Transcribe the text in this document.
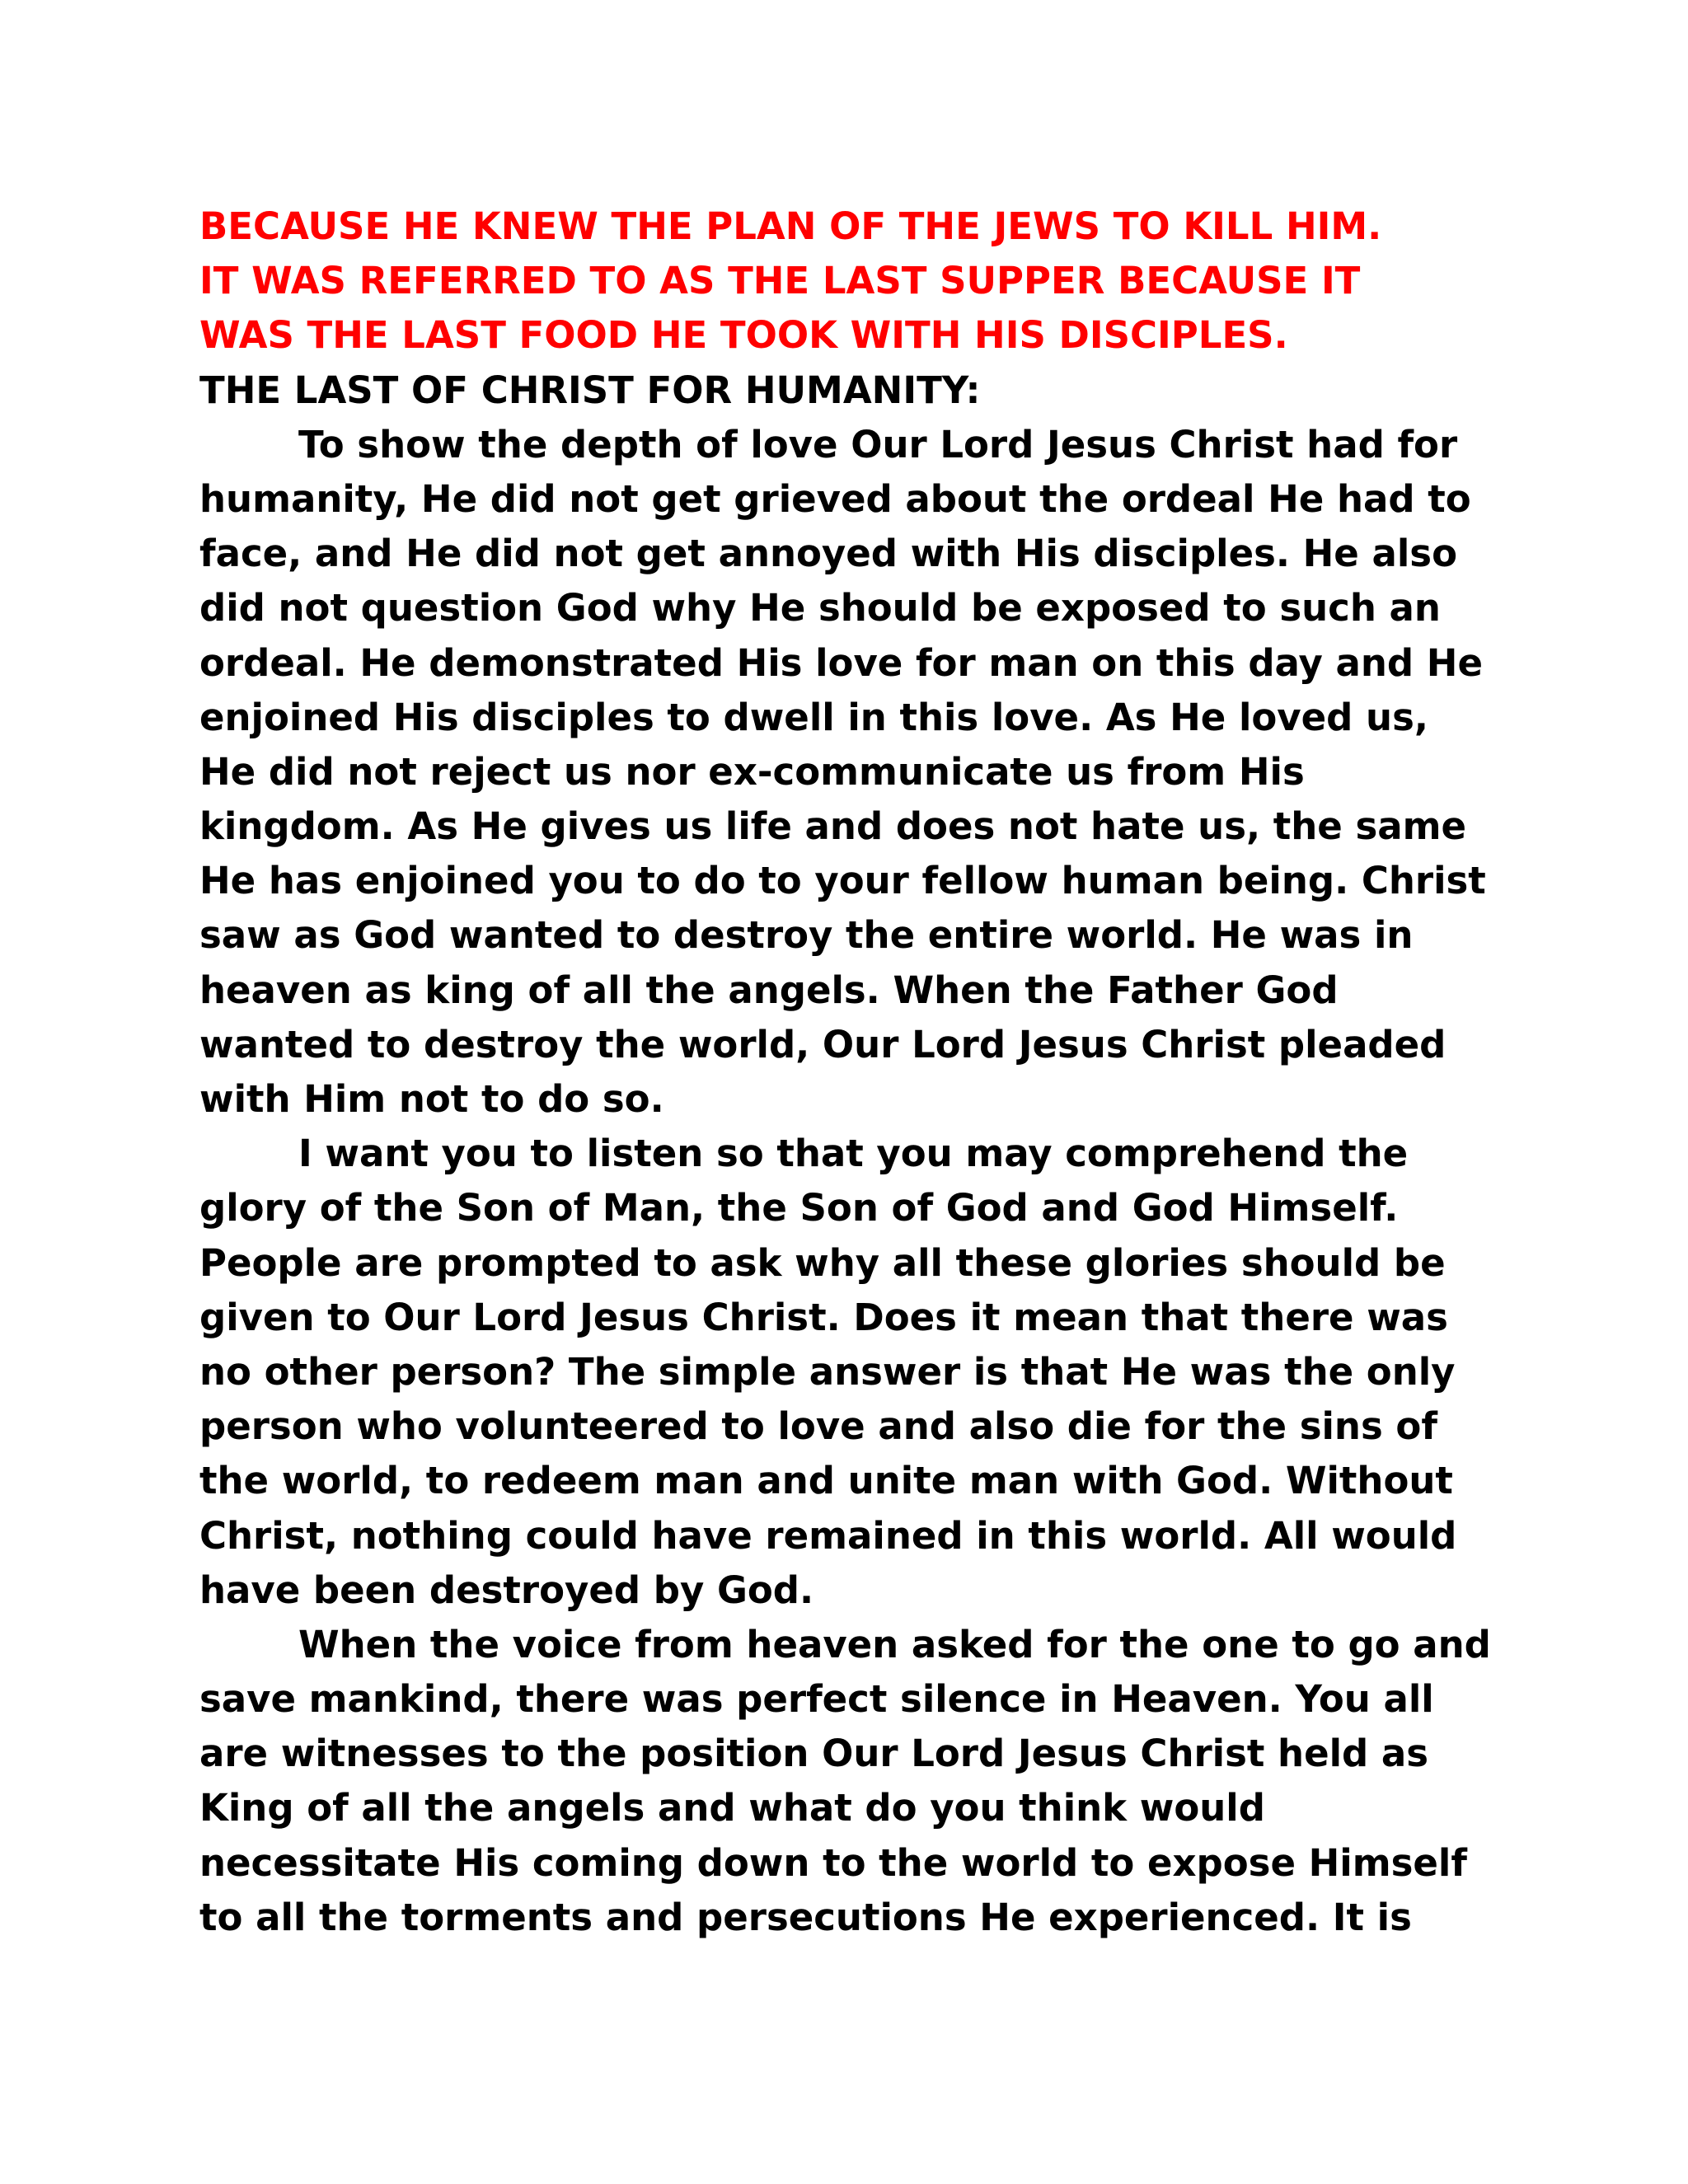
BECAUSE HE KNEW THE PLAN OF THE JEWS TO KILL HIM.
IT WAS REFERRED TO AS THE LAST SUPPER BECAUSE IT
WAS THE LAST FOOD HE TOOK WITH HIS DISCIPLES.
THE LAST OF CHRIST FOR HUMANITY:
To show the depth of love Our Lord Jesus Christ had for
humanity, He did not get grieved about the ordeal He had to
face, and He did not get annoyed with His disciples. He also
did not question God why He should be exposed to such an
ordeal. He demonstrated His love for man on this day and He
enjoined His disciples to dwell in this love. As He loved us,
He did not reject us nor ex-communicate us from His
kingdom. As He gives us life and does not hate us, the same
He has enjoined you to do to your fellow human being. Christ
saw as God wanted to destroy the entire world. He was in
heaven as king of all the angels. When the Father God
wanted to destroy the world, Our Lord Jesus Christ pleaded
with Him not to do so.
I want you to listen so that you may comprehend the
glory of the Son of Man, the Son of God and God Himself.
People are prompted to ask why all these glories should be
given to Our Lord Jesus Christ. Does it mean that there was
no other person? The simple answer is that He was the only
person who volunteered to love and also die for the sins of
the world, to redeem man and unite man with God. Without
Christ, nothing could have remained in this world. All would
have been destroyed by God.
When the voice from heaven asked for the one to go and
save mankind, there was perfect silence in Heaven. You all
are witnesses to the position Our Lord Jesus Christ held as
King of all the angels and what do you think would
necessitate His coming down to the world to expose Himself
to all the torments and persecutions He experienced. It is
